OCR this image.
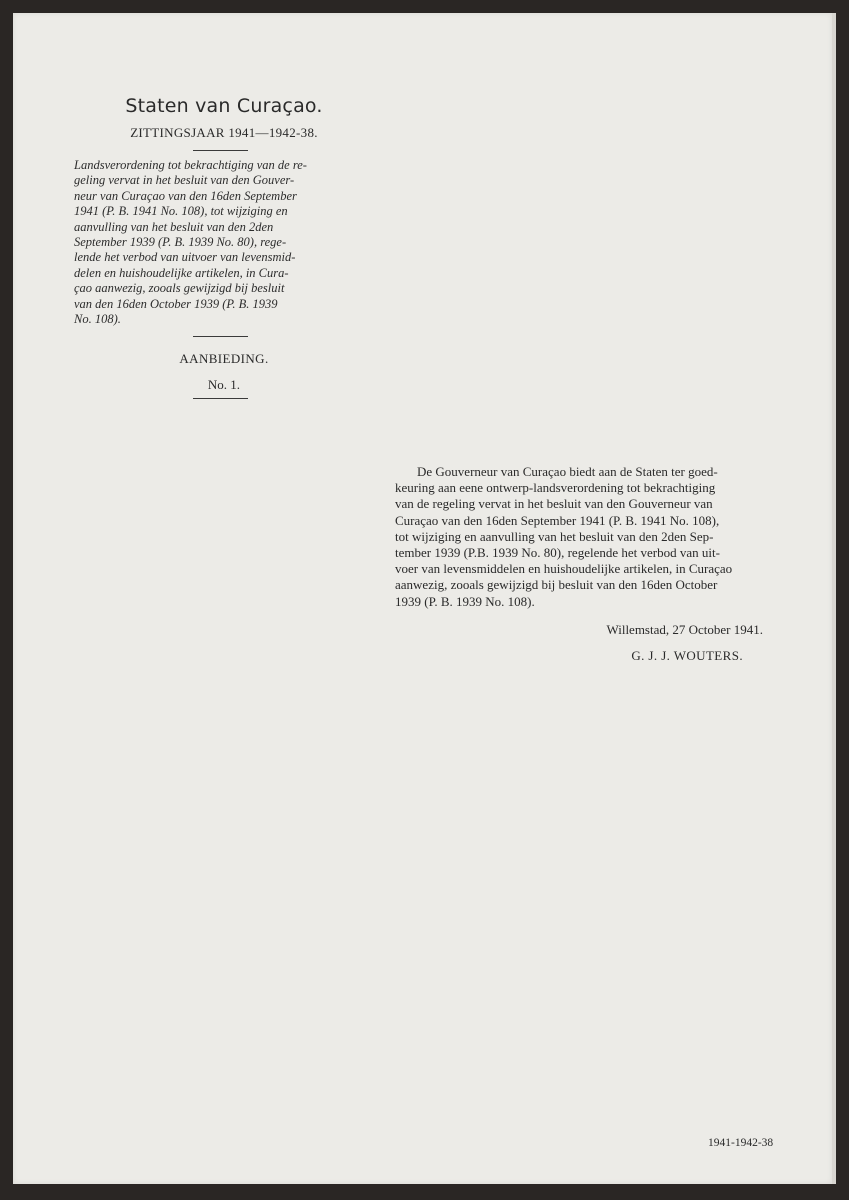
Staten van Curaçao.
ZITTINGSJAAR 1941—1942-38.
Landsverordening tot bekrachtiging van de re-
geling vervat in het besluit van den Gouver-
neur van Curaçao van den 16den September
1941 (P. B. 1941 No. 108), tot wijziging en
aanvulling van het besluit van den 2den
September 1939 (P. B. 1939 No. 80), rege-
lende het verbod van uitvoer van levensmid-
delen en huishoudelijke artikelen, in Cura-
çao aanwezig, zooals gewijzigd bij besluit
van den 16den October 1939 (P. B. 1939
No. 108).
AANBIEDING.
No. 1.
De Gouverneur van Curaçao biedt aan de Staten ter goed-
keuring aan eene ontwerp-landsverordening tot bekrachtiging
van de regeling vervat in het besluit van den Gouverneur van
Curaçao van den 16den September 1941 (P. B. 1941 No. 108),
tot wijziging en aanvulling van het besluit van den 2den Sep-
tember 1939 (P.B. 1939 No. 80), regelende het verbod van uit-
voer van levensmiddelen en huishoudelijke artikelen, in Curaçao
aanwezig, zooals gewijzigd bij besluit van den 16den October
1939 (P. B. 1939 No. 108).
Willemstad, 27 October 1941.
G. J. J. WOUTERS.
1941-1942-38
